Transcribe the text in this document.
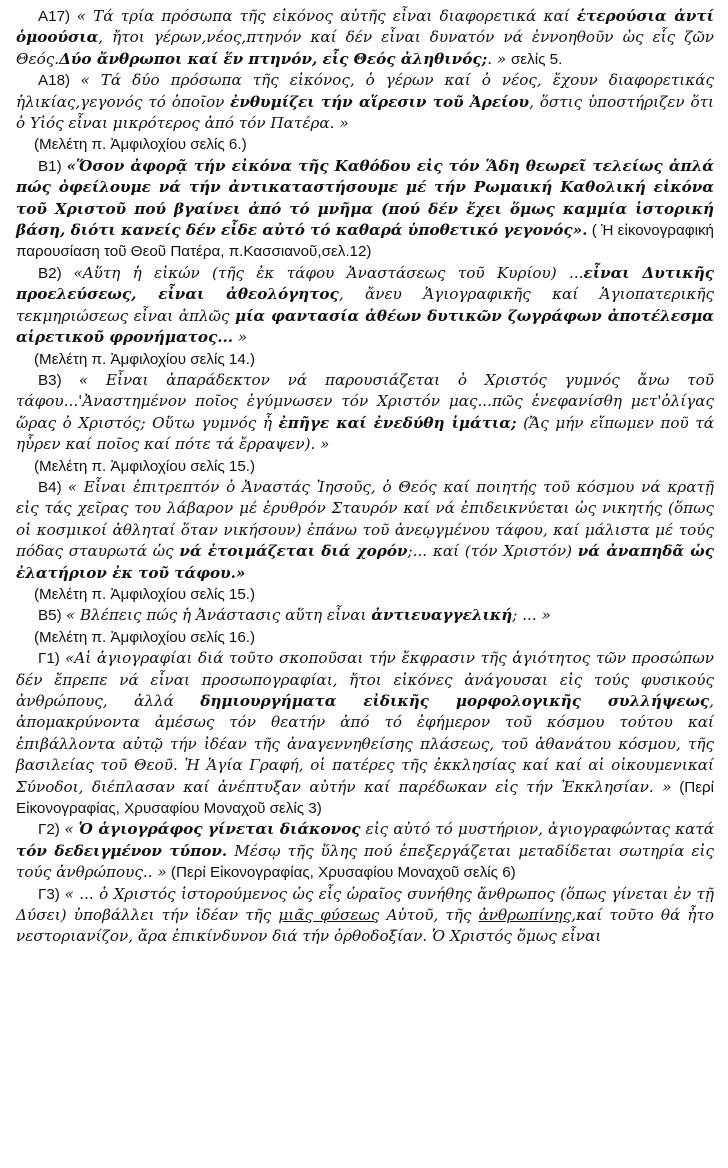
Α17) « Τά τρία πρόσωπα τῆς εἰκόνος αὐτῆς εἶναι διαφορετικά καί ἑτερούσια ἀντί ὁμοούσια, ἤτοι γέρων,νέος,πτηνόν καί δέν εἶναι δυνατόν νά ἐννοηθοῦν ὡς εἷς ζῶν Θεός.Δύο ἄνθρωποι καί ἕν πτηνόν, εἷς Θεός ἀληθινός;. » σελίς 5.

Α18) « Τά δύο πρόσωπα τῆς εἰκόνος, ὁ γέρων καί ὁ νέος, ἔχουν διαφορετικάς ἡλικίας,γεγονός τό ὁποῖον ἐνθυμίζει τήν αἵρεσιν τοῦ Ἀρείου, ὅστις ὑποστήριζεν ὅτι ὁ Υἱός εἶναι μικρότερος ἀπό τόν Πατέρα. »

(Μελέτη π. Ἀμφιλοχίου σελίς 6.)

Β1) «Ὅσον ἀφορᾷ τήν εἰκόνα τῆς Καθόδου εἰς τόν Ἅδη θεωρεῖ τελείως ἁπλά πώς ὀφείλουμε νά τήν ἀντικαταστήσουμε μέ τήν Ρωμαική Καθολική εἰκόνα τοῦ Χριστοῦ πού βγαίνει ἀπό τό μνῆμα (πού δέν ἔχει ὅμως καμμία ἱστορική βάση, διότι κανείς δέν εἶδε αὐτό τό καθαρά ὑποθετικό γεγονός». ( Ἡ εἰκονογραφική παρουσίαση τοῦ Θεοῦ Πατέρα, π.Κασσιανοῦ,σελ.12)

Β2) «Αὕτη ἡ εἰκών (τῆς ἐκ τάφου Ἀναστάσεως τοῦ Κυρίου) ...εἶναι Δυτικῆς προελεύσεως, εἶναι ἀθεολόγητος, ἄνευ Ἁγιογραφικῆς καί Ἁγιοπατερικῆς τεκμηριώσεως εἶναι ἁπλῶς μία φαντασία ἀθέων δυτικῶν ζωγράφων ἀποτέλεσμα αἱρετικοῦ φρονήματος... »

(Μελέτη π. Ἀμφιλοχίου σελίς 14.)

Β3) « Εἶναι ἀπαράδεκτον νά παρουσιάζεται ὁ Χριστός γυμνός ἄνω τοῦ τάφου...'Ἀναστημένον ποῖος ἐγύμνωσεν τόν Χριστόν μας...πῶς ἐνεφανίσθη μετ'ὀλίγας ὥρας ὁ Χριστός; Οὕτω γυμνός ἦ ἐπῆγε καί ἐνεδύθη ἱμάτια; (Ἄς μήν εἴπωμεν ποῦ τά ηὗρεν καί ποῖος καί πότε τά ἔρραψεν). »

(Μελέτη π. Ἀμφιλοχίου σελίς 15.)

Β4) « Εἶναι ἐπιτρεπτόν ὁ Ἀναστάς Ἰησοῦς, ὁ Θεός καί ποιητής τοῦ κόσμου νά κρατῇ εἰς τάς χεῖρας του λάβαρον μέ ἐρυθρόν Σταυρόν καί νά ἐπιδεικνύεται ὡς νικητής (ὅπως οἱ κοσμικοί ἀθληταί ὅταν νικήσουν) ἐπάνω τοῦ ἀνεῳγμένου τάφου, καί μάλιστα μέ τούς πόδας σταυρωτά ὡς νά ἑτοιμάζεται διά χορόν;... καί (τόν Χριστόν) νά ἀναπηδᾶ ὡς ἐλατήριον ἐκ τοῦ τάφου.»

(Μελέτη π. Ἀμφιλοχίου σελίς 15.)

Β5) « Βλέπεις πώς ἡ Ἀνάστασις αὕτη εἶναι ἀντιευαγγελική; ... »

(Μελέτη π. Ἀμφιλοχίου σελίς 16.)

Γ1) «Αἱ ἁγιογραφίαι διά τοῦτο σκοποῦσαι τήν ἔκφρασιν τῆς ἁγιότητος τῶν προσώπων δέν ἔπρεπε νά εἶναι προσωπογραφίαι, ἤτοι εἰκόνες ἀνάγουσαι εἰς τούς φυσικούς ἀνθρώπους, ἀλλά δημιουργήματα εἰδικῆς μορφολογικῆς συλλήψεως, ἀπομακρύνοντα ἀμέσως τόν θεατήν ἀπό τό ἐφήμερον τοῦ κόσμου τούτου καί ἐπιβάλλοντα αὐτῷ τήν ἰδέαν τῆς ἀναγεννηθείσης πλάσεως, τοῦ ἀθανάτου κόσμου, τῆς βασιλείας τοῦ Θεοῦ. Ἡ Ἁγία Γραφή, οἱ πατέρες τῆς ἐκκλησίας καί καί αἱ οἰκουμενικαί Σύνοδοι, διέπλασαν καί ἀνέπτυξαν αὐτήν καί παρέδωκαν εἰς τήν Ἐκκλησίαν. » (Περί Εἰκονογραφίας, Χρυσαφίου Μοναχοῦ σελίς 3)

Γ2) « Ὁ ἁγιογράφος γίνεται διάκονος εἰς αὐτό τό μυστήριον, ἁγιογραφώντας κατά τόν δεδειγμένον τύπον. Μέσῳ τῆς ὕλης πού ἐπεξεργάζεται μεταδίδεται σωτηρία εἰς τούς ἀνθρώπους.. » (Περί Εἰκονογραφίας, Χρυσαφίου Μοναχοῦ σελίς 6)

Γ3) « ... ὁ Χριστός ἱστορούμενος ὡς εἷς ὡραῖος συνήθης ἄνθρωπος (ὅπως γίνεται ἐν τῇ Δύσει) ὑποβάλλει τήν ἰδέαν τῆς μιᾶς φύσεως Αὐτοῦ, τῆς ἀνθρωπίνης,καί τοῦτο θά ἦτο νεστοριανίζον, ἄρα ἐπικίνδυνον διά τήν ὀρθοδοξίαν. Ὁ Χριστός ὅμως εἶναι
